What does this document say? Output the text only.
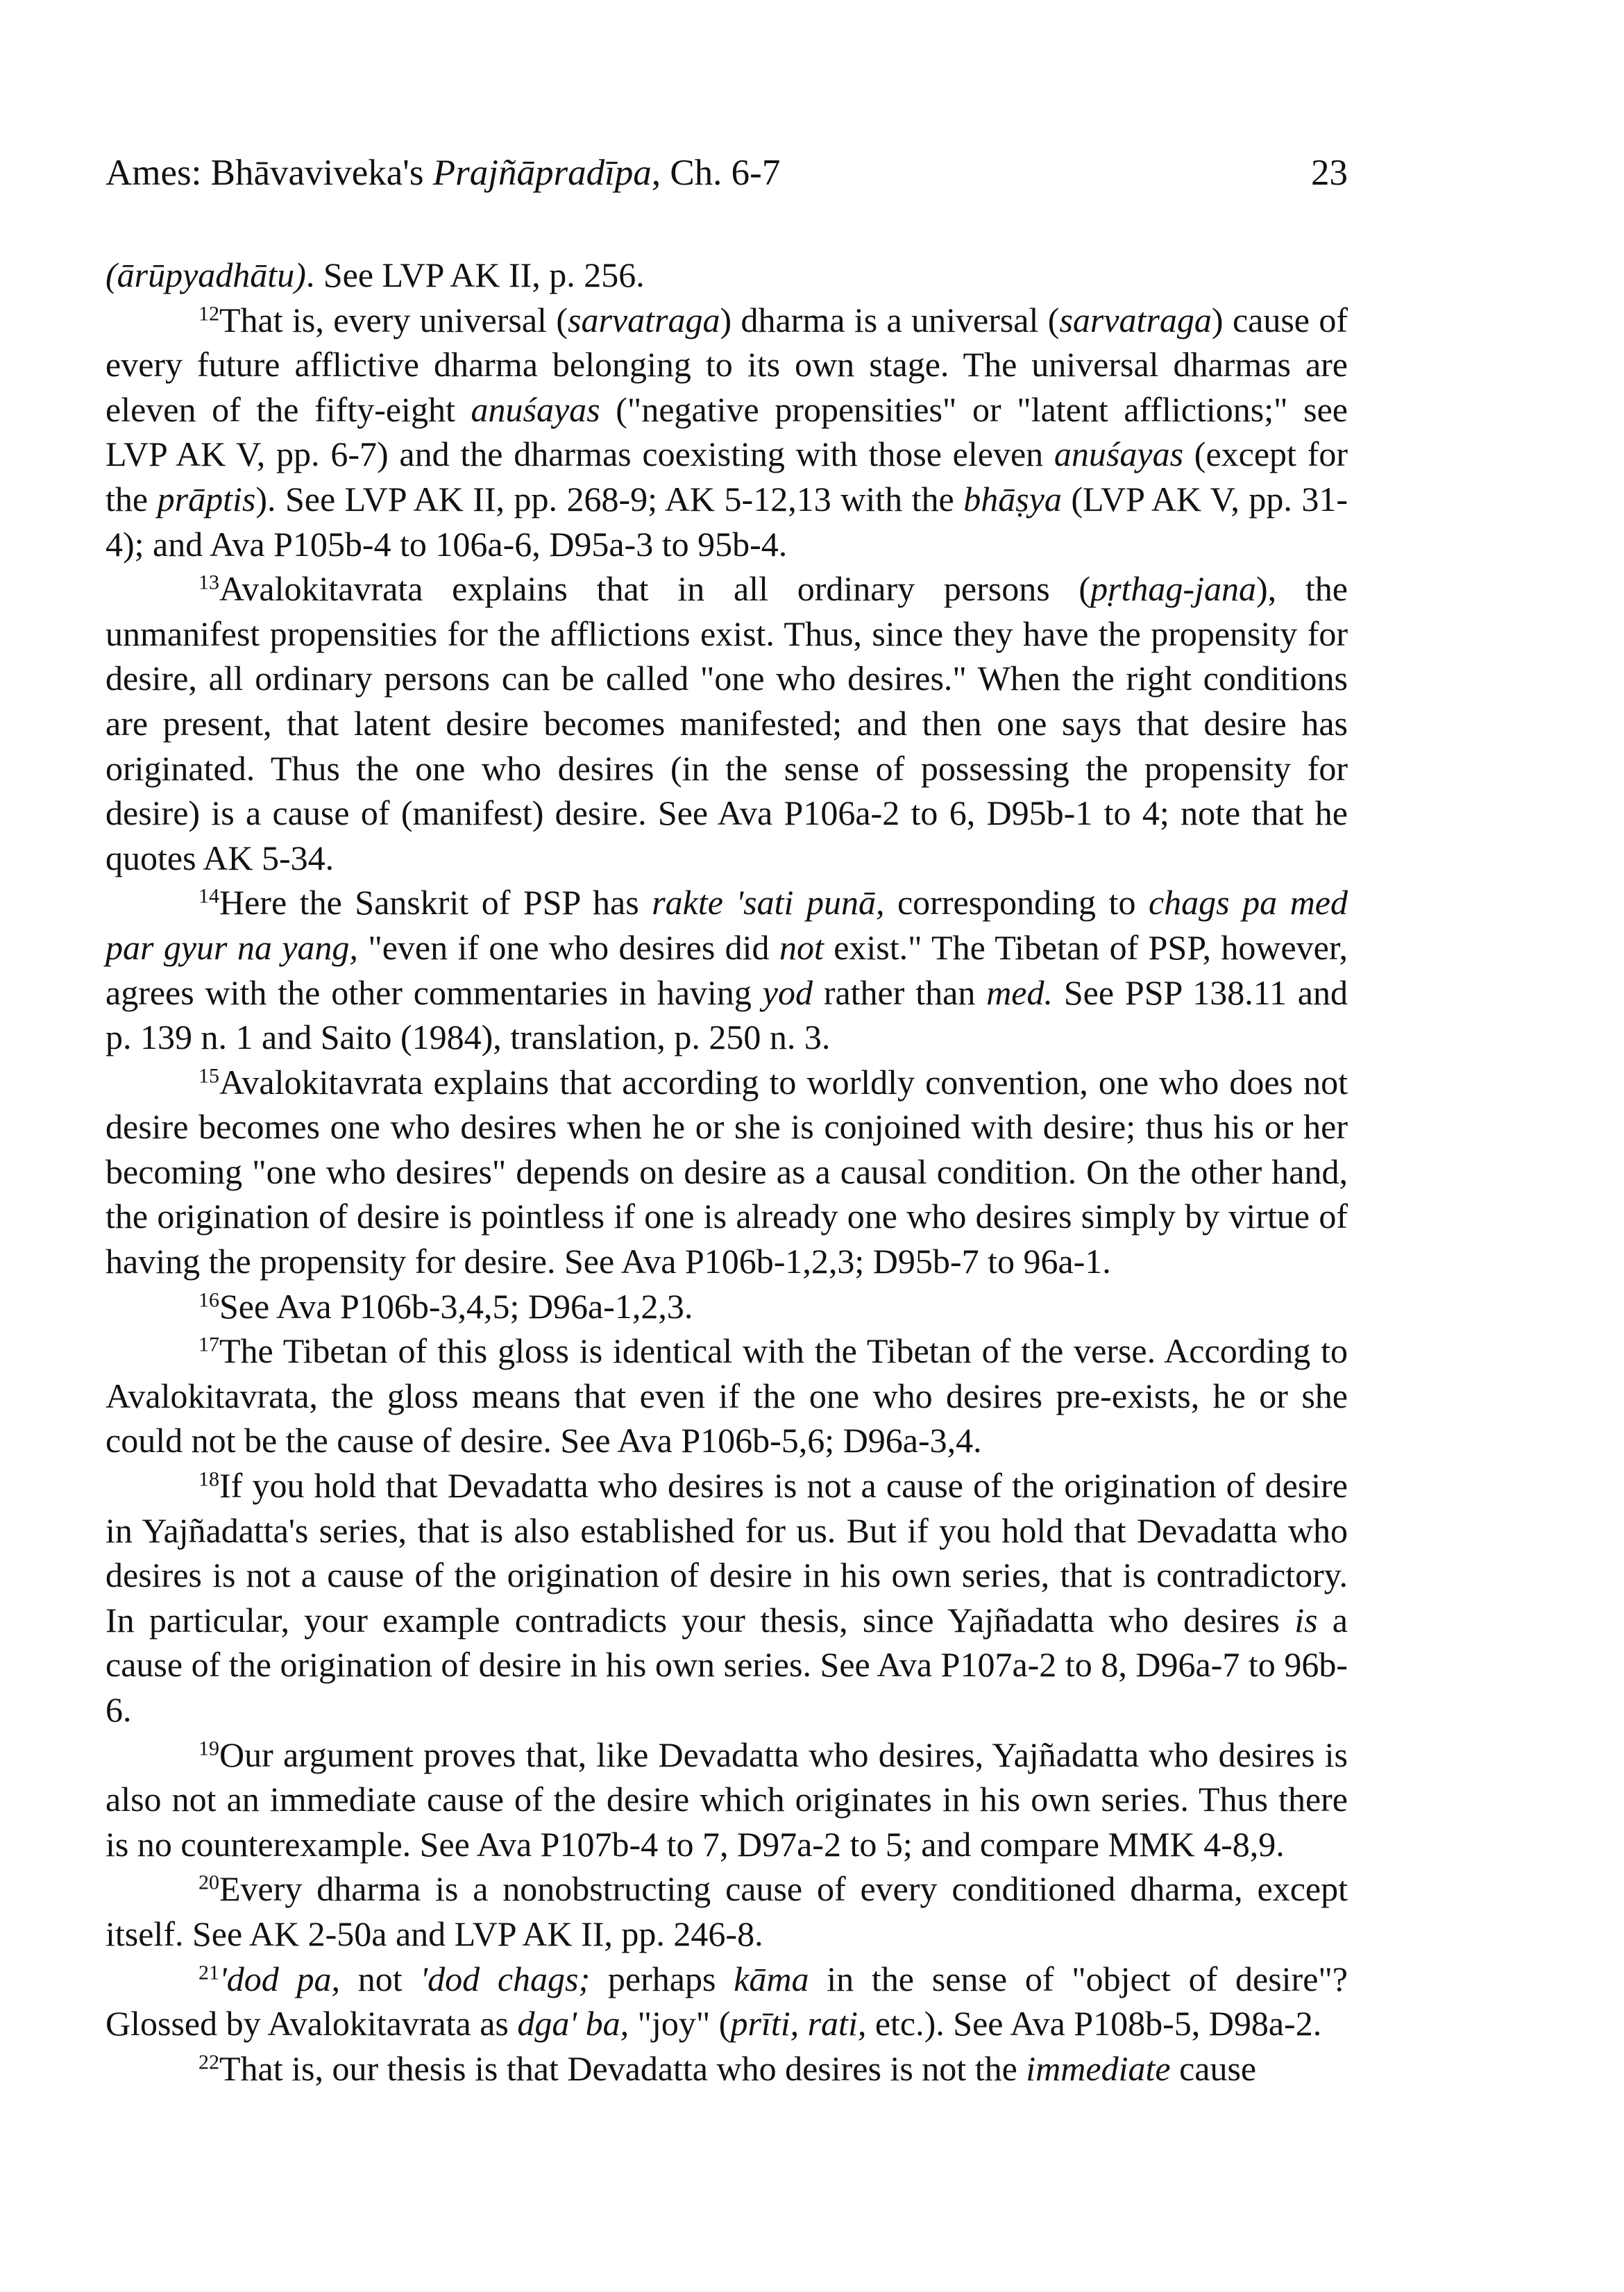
Ames: Bhāvaviveka's Prajñāpradīpa, Ch. 6-7	23

(ārūpyadhātu). See LVP AK II, p. 256.

$^{12}$That is, every universal (sarvatraga) dharma is a universal (sarvatraga) cause of every future afflictive dharma belonging to its own stage. The universal dharmas are eleven of the fifty-eight anuśayas ("negative propensities" or "latent afflictions;" see LVP AK V, pp. 6-7) and the dharmas coexisting with those eleven anuśayas (except for the prāptis). See LVP AK II, pp. 268-9; AK 5-12,13 with the bhāṣya (LVP AK V, pp. 31-4); and Ava P105b-4 to 106a-6, D95a-3 to 95b-4.

$^{13}$Avalokitavrata explains that in all ordinary persons (pṛthag-jana), the unmanifest propensities for the afflictions exist. Thus, since they have the propensity for desire, all ordinary persons can be called "one who desires." When the right conditions are present, that latent desire becomes manifested; and then one says that desire has originated. Thus the one who desires (in the sense of possessing the propensity for desire) is a cause of (manifest) desire. See Ava P106a-2 to 6, D95b-1 to 4; note that he quotes AK 5-34.

$^{14}$Here the Sanskrit of PSP has rakte 'sati punā, corresponding to chags pa med par gyur na yang, "even if one who desires did not exist." The Tibetan of PSP, however, agrees with the other commentaries in having yod rather than med. See PSP 138.11 and p. 139 n. 1 and Saito (1984), translation, p. 250 n. 3.

$^{15}$Avalokitavrata explains that according to worldly convention, one who does not desire becomes one who desires when he or she is conjoined with desire; thus his or her becoming "one who desires" depends on desire as a causal condition. On the other hand, the origination of desire is pointless if one is already one who desires simply by virtue of having the propensity for desire. See Ava P106b-1,2,3; D95b-7 to 96a-1.

$^{16}$See Ava P106b-3,4,5; D96a-1,2,3.

$^{17}$The Tibetan of this gloss is identical with the Tibetan of the verse. According to Avalokitavrata, the gloss means that even if the one who desires pre-exists, he or she could not be the cause of desire. See Ava P106b-5,6; D96a-3,4.

$^{18}$If you hold that Devadatta who desires is not a cause of the origination of desire in Yajñadatta's series, that is also established for us. But if you hold that Devadatta who desires is not a cause of the origination of desire in his own series, that is contradictory. In particular, your example contradicts your thesis, since Yajñadatta who desires is a cause of the origination of desire in his own series. See Ava P107a-2 to 8, D96a-7 to 96b-6.

$^{19}$Our argument proves that, like Devadatta who desires, Yajñadatta who desires is also not an immediate cause of the desire which originates in his own series. Thus there is no counterexample. See Ava P107b-4 to 7, D97a-2 to 5; and compare MMK 4-8,9.

$^{20}$Every dharma is a nonobstructing cause of every conditioned dharma, except itself. See AK 2-50a and LVP AK II, pp. 246-8.

$^{21}$'dod pa, not 'dod chags; perhaps kāma in the sense of "object of desire"? Glossed by Avalokitavrata as dga' ba, "joy" (prīti, rati, etc.). See Ava P108b-5, D98a-2.

$^{22}$That is, our thesis is that Devadatta who desires is not the immediate cause
